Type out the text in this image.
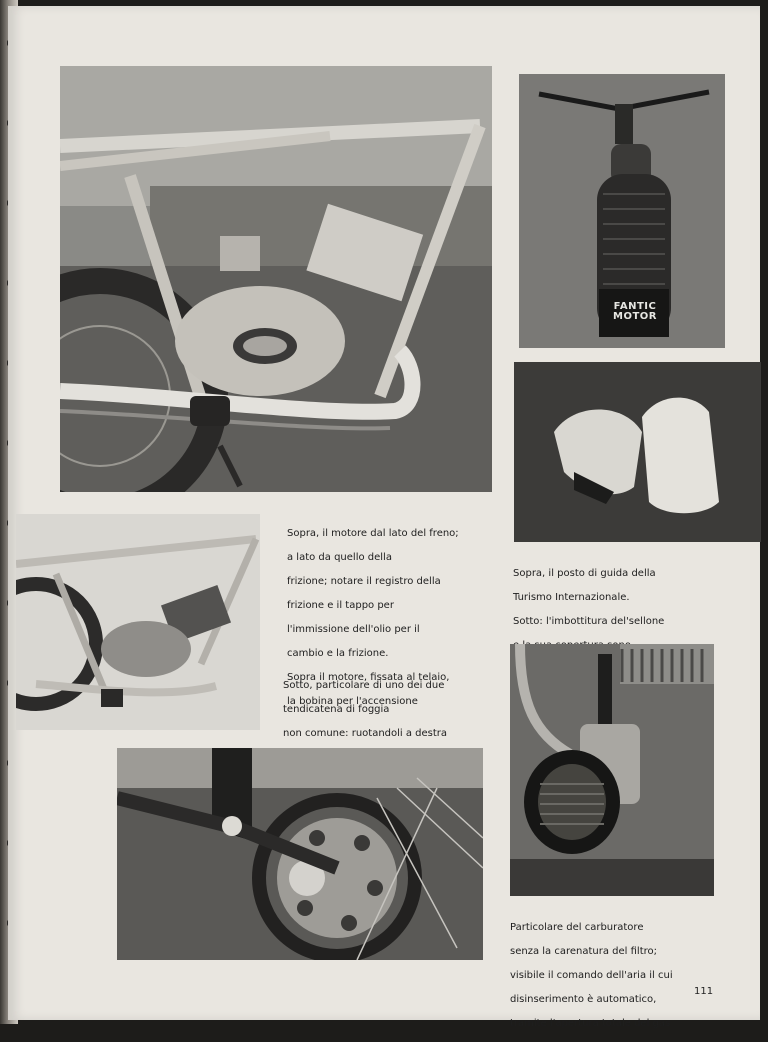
FANTIC MOTOR

Sopra, il motore dal lato del freno;

a lato da quello della

frizione; notare il registro della

frizione e il tappo per

l'immissione dell'olio per il

cambio e la frizione.

Sopra il motore, fissata al telaio,

la bobina per l'accensione

Sopra, il posto di guida della

Turismo Internazionale.

Sotto: l'imbottitura del'sellone

Sotto, particolare di uno dei due

tendicatena di foggia

non comune: ruotandoli a destra

Particolare del carburatore

senza la carenatura del filtro;

visibile il comando dell'aria il cui

disinserimento è automatico,

tramite l'apertura totale del gas

111
